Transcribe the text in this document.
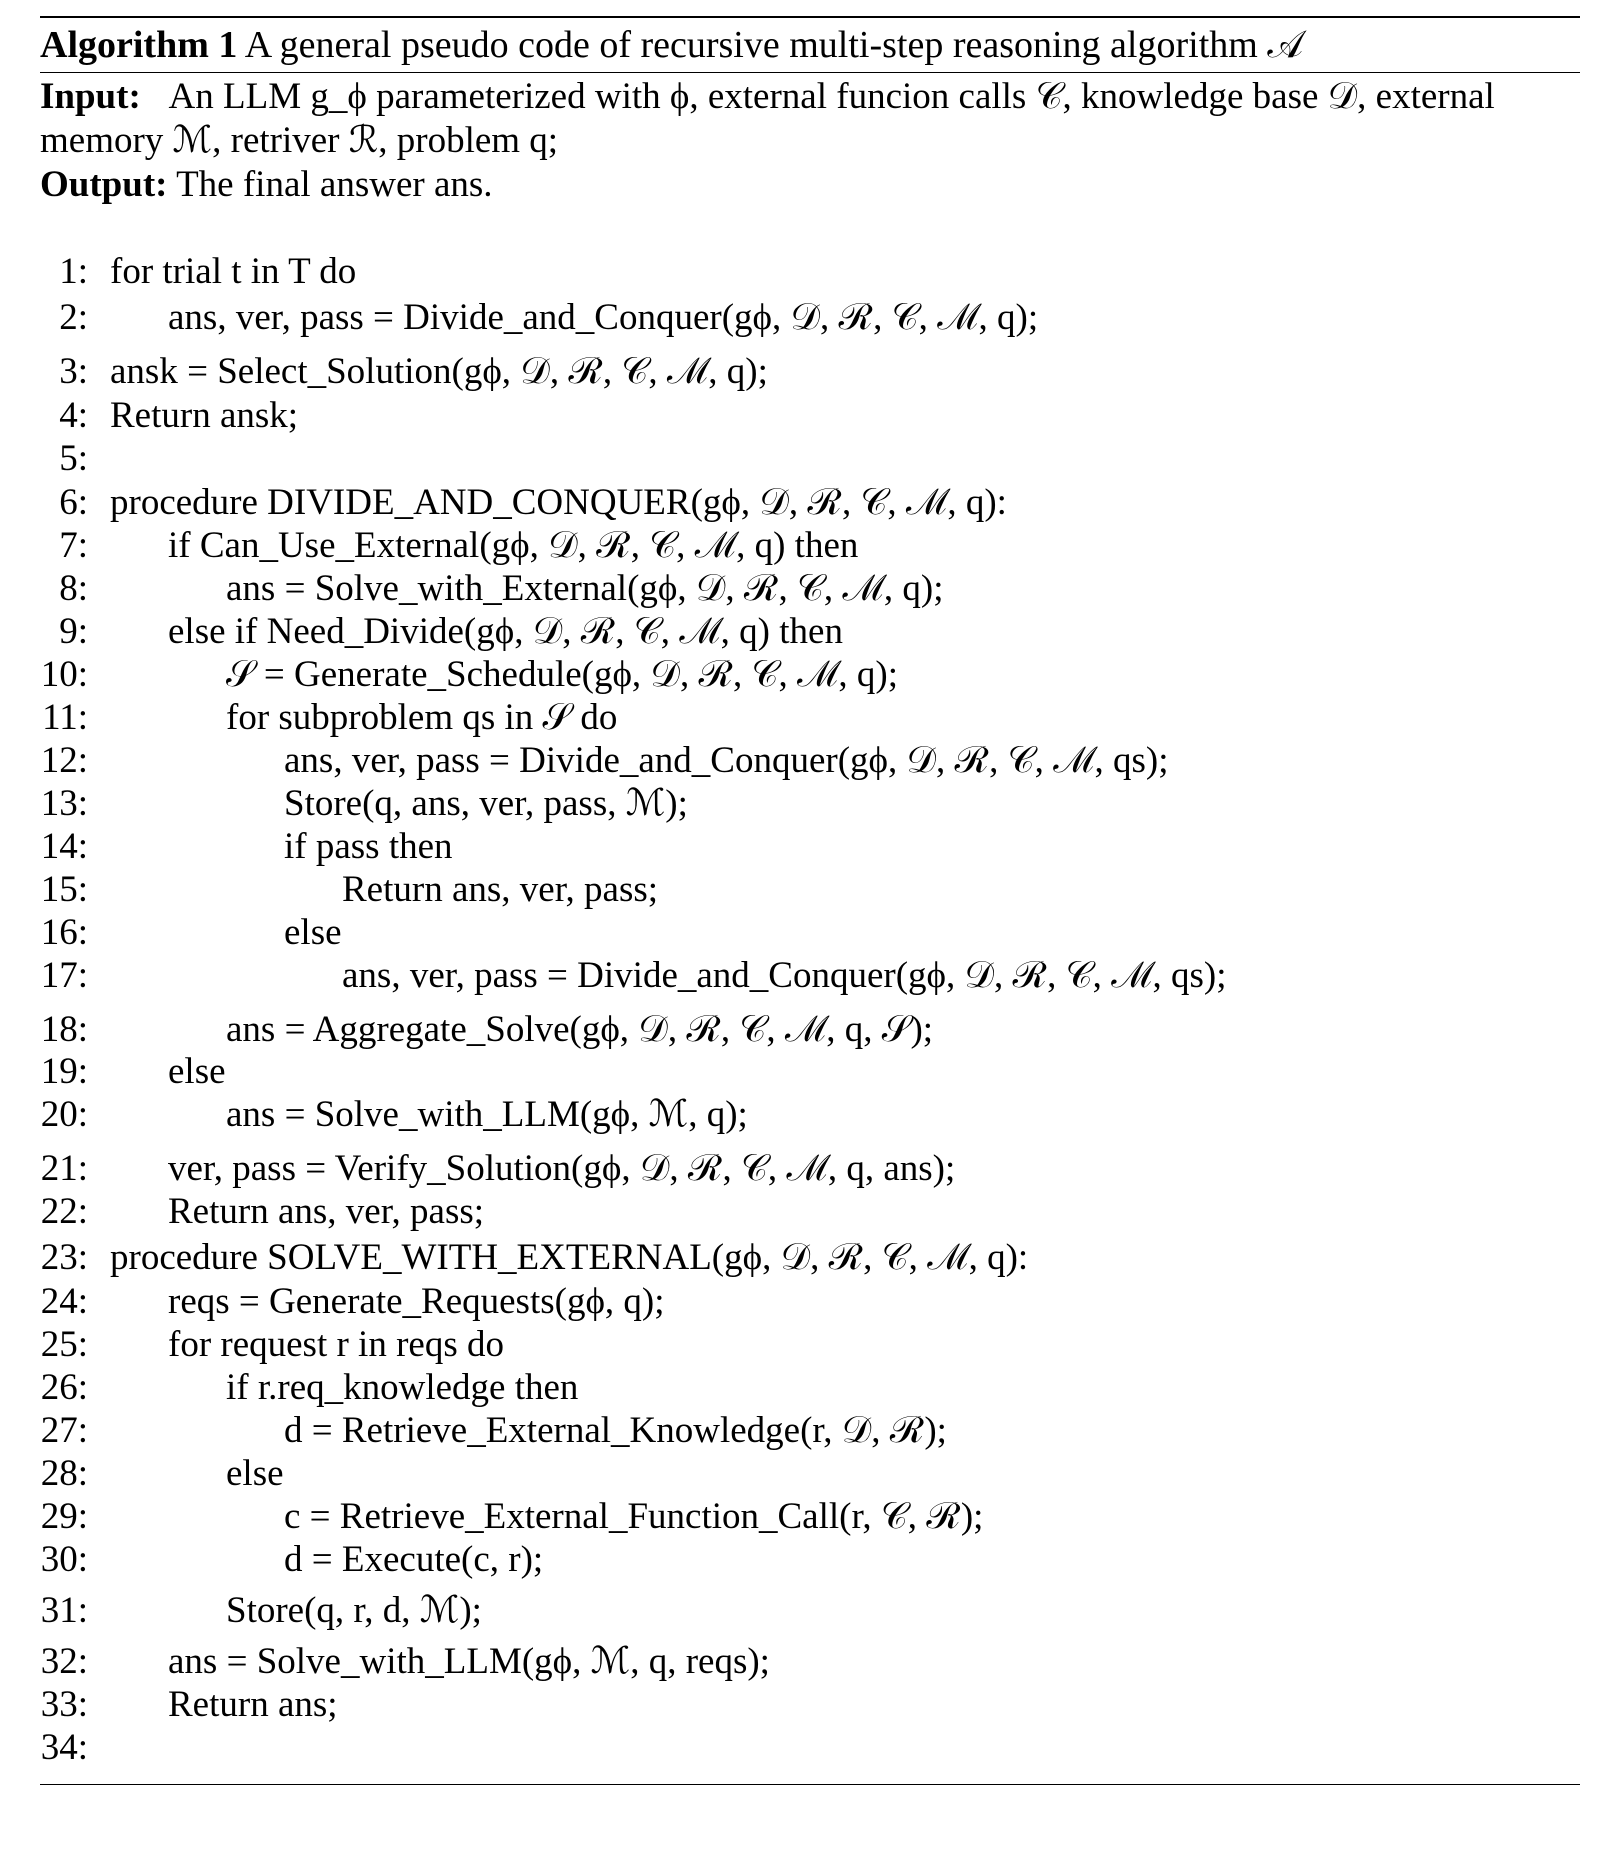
Algorithm 1 A general pseudo code of recursive multi-step reasoning algorithm 𝒜
Input: An LLM g_ϕ parameterized with ϕ, external funcion calls 𝒞, knowledge base 𝒟, external
memory ℳ, retriver ℛ, problem q;
Output: The final answer ans.
1: for trial t in T do
2: ans, ver, pass = Divide_and_Conquer(gϕ, 𝒟, ℛ, 𝒞, ℳ, q);
3: ansk = Select_Solution(gϕ, 𝒟, ℛ, 𝒞, ℳ, q);
4: Return ansk;
5:
6: procedure DIVIDE_AND_CONQUER(gϕ, 𝒟, ℛ, 𝒞, ℳ, q):
7: if Can_Use_External(gϕ, 𝒟, ℛ, 𝒞, ℳ, q) then
8:	ans = Solve_with_External(gϕ, 𝒟, ℛ, 𝒞, ℳ, q);
9: else if Need_Divide(gϕ, 𝒟, ℛ, 𝒞, ℳ, q) then
10:	𝒮 = Generate_Schedule(gϕ, 𝒟, ℛ, 𝒞, ℳ, q);
11:	for subproblem qs in 𝒮 do
12:	ans, ver, pass = Divide_and_Conquer(gϕ, 𝒟, ℛ, 𝒞, ℳ, qs);
13:	Store(q, ans, ver, pass, ℳ);
14:	if pass then
15:	Return ans, ver, pass;
16:	else
17:	ans, ver, pass = Divide_and_Conquer(gϕ, 𝒟, ℛ, 𝒞, ℳ, qs);
18:	ans = Aggregate_Solve(gϕ, 𝒟, ℛ, 𝒞, ℳ, q, 𝒮);
19: else
20:	ans = Solve_with_LLM(gϕ, ℳ, q);
21: ver, pass = Verify_Solution(gϕ, 𝒟, ℛ, 𝒞, ℳ, q, ans);
22: Return ans, ver, pass;
23: procedure SOLVE_WITH_EXTERNAL(gϕ, 𝒟, ℛ, 𝒞, ℳ, q):
24: reqs = Generate_Requests(gϕ, q);
25: for request r in reqs do
26:	if r.req_knowledge then
27:	d = Retrieve_External_Knowledge(r, 𝒟, ℛ);
28:	else
29:	c = Retrieve_External_Function_Call(r, 𝒞, ℛ);
30:	d = Execute(c, r);
31:	Store(q, r, d, ℳ);
32: ans = Solve_with_LLM(gϕ, ℳ, q, reqs);
33: Return ans;
34:
